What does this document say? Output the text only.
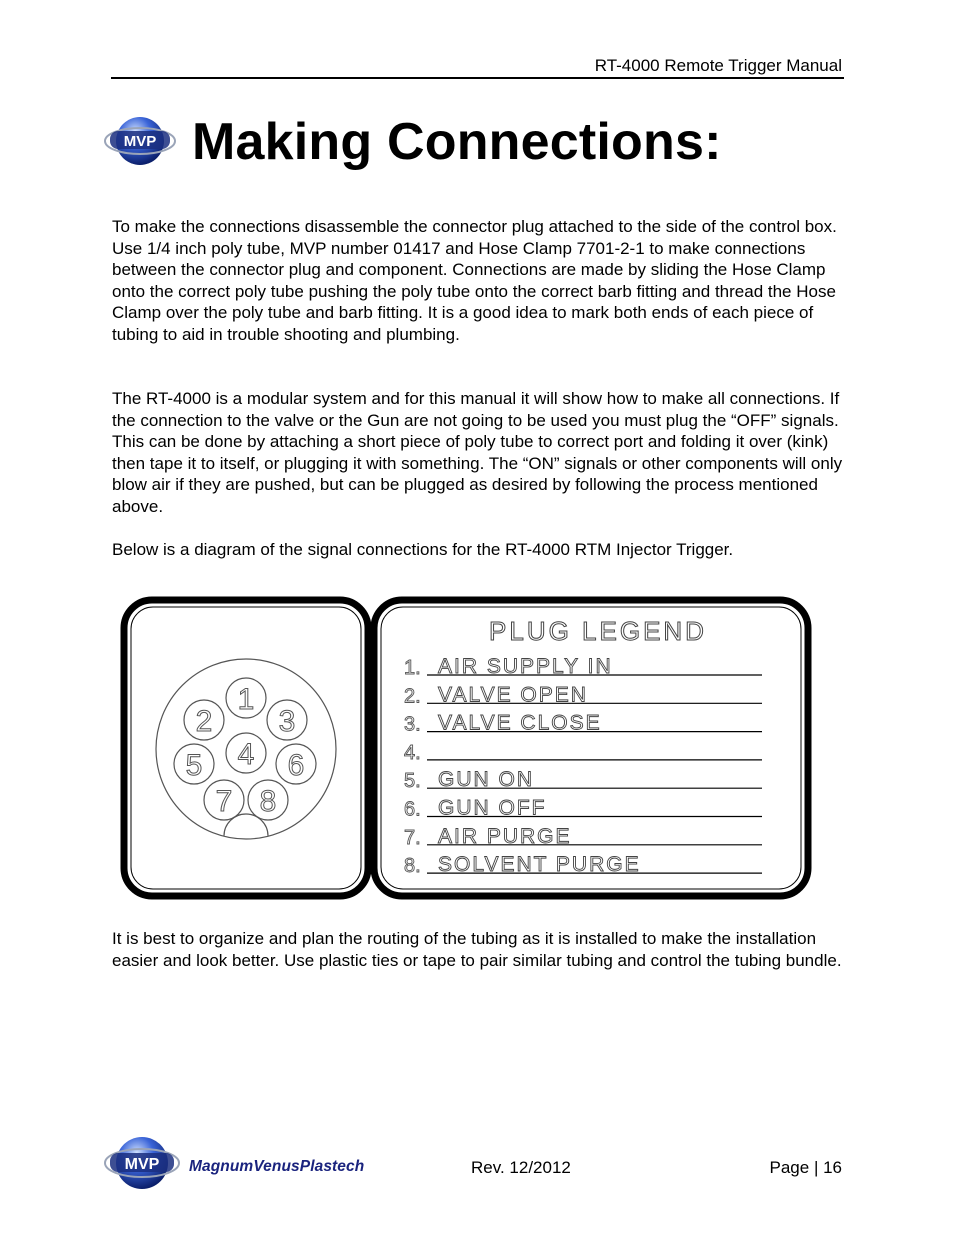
RT-4000 Remote Trigger Manual
MVP Making Connections:
To make the connections disassemble the connector plug attached to the side of the control box. Use 1/4 inch poly tube, MVP number 01417 and Hose Clamp 7701-2-1 to make connections between the connector plug and component. Connections are made by sliding the Hose Clamp onto the correct poly tube pushing the poly tube onto the correct barb fitting and thread the Hose Clamp over the poly tube and barb fitting. It is a good idea to mark both ends of each piece of tubing to aid in trouble shooting and plumbing.
The RT-4000 is a modular system and for this manual it will show how to make all connections. If the connection to the valve or the Gun are not going to be used you must plug the “OFF” signals. This can be done by attaching a short piece of poly tube to correct port and folding it over (kink) then tape it to itself, or plugging it with something. The “ON” signals or other components will only blow air if they are pushed, but can be plugged as desired by following the process mentioned above.
Below is a diagram of the signal connections for the RT-4000 RTM Injector Trigger.
1
2 3
4
5	6
7 8
PLUG LEGEND
1. AIR SUPPLY IN
2. VALVE OPEN
3. VALVE CLOSE
4.
5. GUN ON
6. GUN OFF
7. AIR PURGE
8. SOLVENT PURGE
It is best to organize and plan the routing of the tubing as it is installed to make the installation easier and look better. Use plastic ties or tape to pair similar tubing and control the tubing bundle.
MVP MagnumVenusPlastech	Rev. 12/2012	Page | 16
